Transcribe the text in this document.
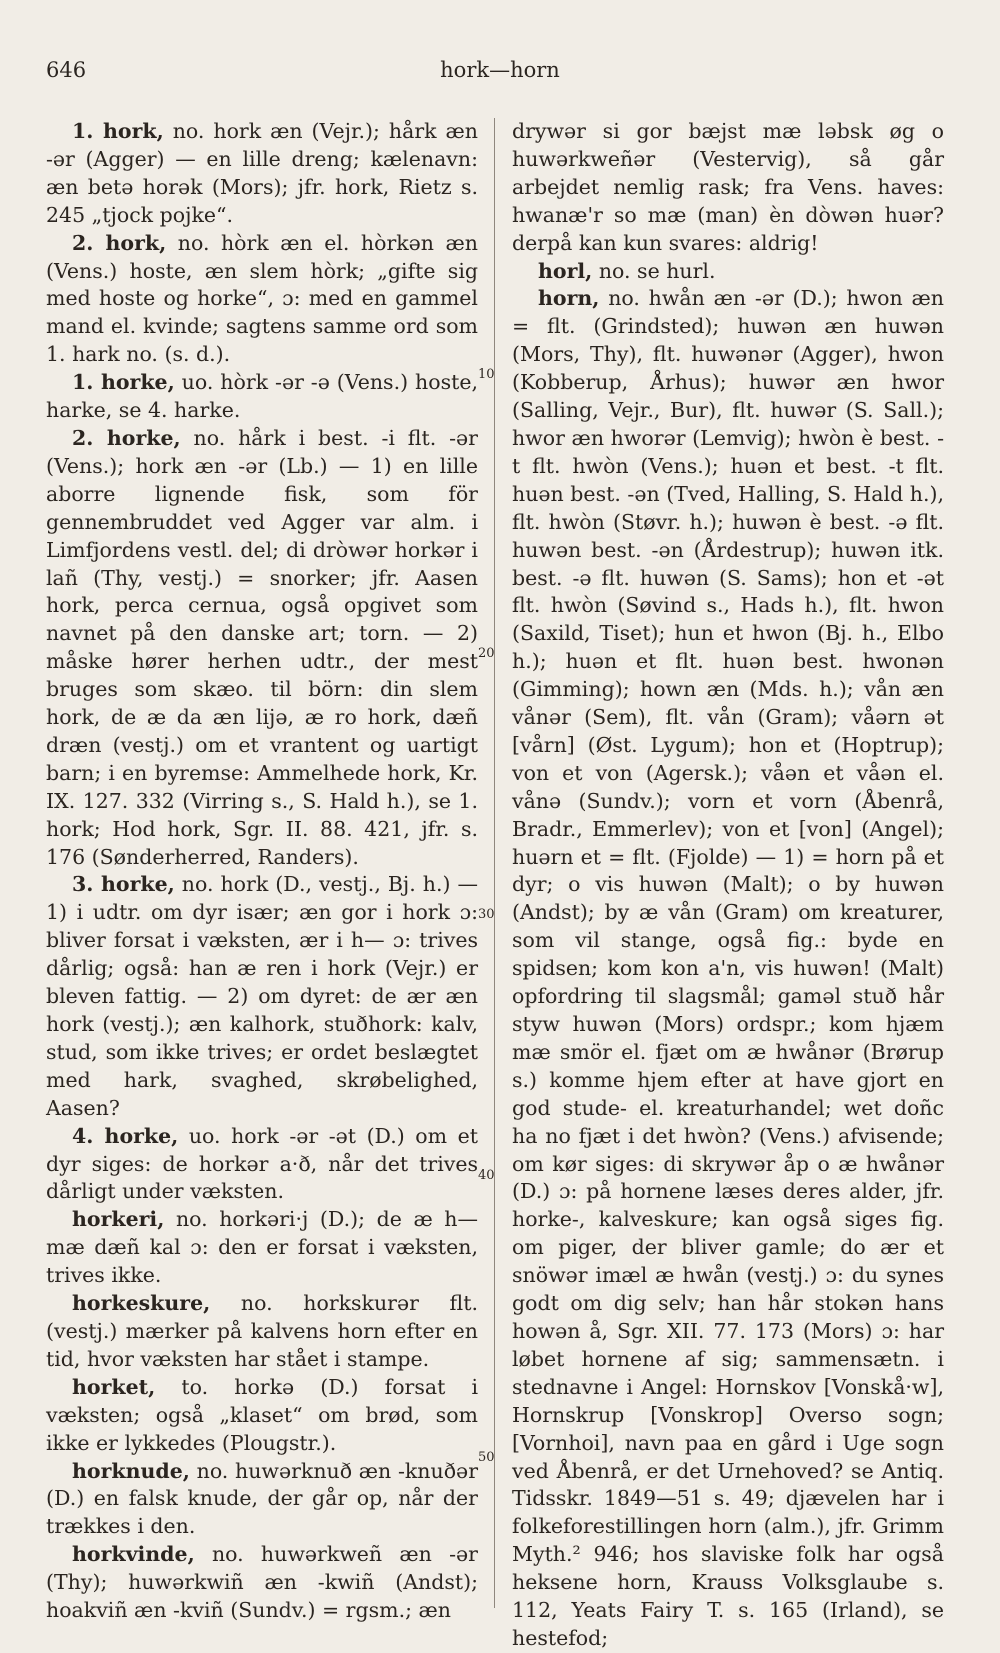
646	hork—horn

1. hork, no. hork æn (Vejr.); hårk æn -ər (Agger) — en lille dreng; kælenavn: æn betə horək (Mors); jfr. hork, Rietz s. 245 „tjock pojke“.

2. hork, no. hòrk æn el. hòrkən æn (Vens.) hoste, æn slem hòrk; „gifte sig med hoste og horke“, ɔ: med en gammel mand el. kvinde; sagtens samme ord som 1. hark no. (s. d.).

1. horke, uo. hòrk -ər -ə (Vens.) hoste, harke, se 4. harke.

2. horke, no. hårk i best. -i flt. -ər (Vens.); hork æn -ər (Lb.) — 1) en lille aborre lignende fisk, som för gennembruddet ved Agger var alm. i Limfjordens vestl. del; di dròwər horkər i lañ (Thy, vestj.) = snorker; jfr. Aasen hork, perca cernua, også opgivet som navnet på den danske art; torn. — 2) måske hører herhen udtr., der mest bruges som skæo. til börn: din slem hork, de æ da æn lijə, æ ro hork, dæñ dræn (vestj.) om et vrantent og uartigt barn; i en byremse: Ammelhede hork, Kr. IX. 127. 332 (Virring s., S. Hald h.), se 1. hork; Hod hork, Sgr. II. 88. 421, jfr. s. 176 (Sønderherred, Randers).

3. horke, no. hork (D., vestj., Bj. h.) — 1) i udtr. om dyr især; æn gor i hork ɔ: bliver forsat i væksten, ær i h— ɔ: trives dårlig; også: han æ ren i hork (Vejr.) er bleven fattig. — 2) om dyret: de ær æn hork (vestj.); æn kalhork, stuðhork: kalv, stud, som ikke trives; er ordet beslægtet med hark, svaghed, skrøbelighed, Aasen?

4. horke, uo. hork -ər -ət (D.) om et dyr siges: de horkər a·ð, når det trives dårligt under væksten.

horkeri, no. horkəri·j (D.); de æ h— mæ dæñ kal ɔ: den er forsat i væksten, trives ikke.

horkeskure, no. horkskurər flt. (vestj.) mærker på kalvens horn efter en tid, hvor væksten har stået i stampe.

horket, to. horkə (D.) forsat i væksten; også „klaset“ om brød, som ikke er lykkedes (Plougstr.).

horknude, no. huwərknuð æn -knuðər (D.) en falsk knude, der går op, når der trækkes i den.

horkvinde, no. huwərkweñ æn -ər (Thy); huwərkwiñ æn -kwiñ (Andst); hoakviñ æn -kviñ (Sundv.) = rgsm.; æn

10
20
30
40
50

drywər si gor bæjst mæ ləbsk øg o huwərkweñər (Vestervig), så går arbejdet nemlig rask; fra Vens. haves: hwanæ'r so mæ (man) èn dòwən huər? derpå kan kun svares: aldrig!

horl, no. se hurl.

horn, no. hwån æn -ər (D.); hwon æn = flt. (Grindsted); huwən æn huwən (Mors, Thy), flt. huwənər (Agger), hwon (Kobberup, Århus); huwər æn hwor (Salling, Vejr., Bur), flt. huwər (S. Sall.); hwor æn hworər (Lemvig); hwòn è best. -t flt. hwòn (Vens.); huən et best. -t flt. huən best. -ən (Tved, Halling, S. Hald h.), flt. hwòn (Støvr. h.); huwən è best. -ə flt. huwən best. -ən (Årdestrup); huwən itk. best. -ə flt. huwən (S. Sams); hon et -ət flt. hwòn (Søvind s., Hads h.), flt. hwon (Saxild, Tiset); hun et hwon (Bj. h., Elbo h.); huən et flt. huən best. hwonən (Gimming); hown æn (Mds. h.); vån æn vånər (Sem), flt. vån (Gram); våərn ət [vårn] (Øst. Lygum); hon et (Hoptrup); von et von (Agersk.); våən et våən el. vånə (Sundv.); vorn et vorn (Åbenrå, Bradr., Emmerlev); von et [von] (Angel); huərn et = flt. (Fjolde) — 1) = horn på et dyr; o vis huwən (Malt); o by huwən (Andst); by æ vån (Gram) om kreaturer, som vil stange, også fig.: byde en spidsen; kom kon a'n, vis huwən! (Malt) opfordring til slagsmål; gaməl stuð hår styw huwən (Mors) ordspr.; kom hjæm mæ smör el. fjæt om æ hwånər (Brørup s.) komme hjem efter at have gjort en god stude- el. kreaturhandel; wet doñc ha no fjæt i det hwòn? (Vens.) afvisende; om kør siges: di skrywər åp o æ hwånər (D.) ɔ: på hornene læses deres alder, jfr. horke-, kalveskure; kan også siges fig. om piger, der bliver gamle; do ær et snöwər imæl æ hwån (vestj.) ɔ: du synes godt om dig selv; han hår stokən hans howən å, Sgr. XII. 77. 173 (Mors) ɔ: har løbet hornene af sig; sammensætn. i stednavne i Angel: Hornskov [Vonskå·w], Hornskrup [Vonskrop] Overso sogn; [Vornhoi], navn paa en gård i Uge sogn ved Åbenrå, er det Urnehoved? se Antiq. Tidsskr. 1849—51 s. 49; djævelen har i folkeforestillingen horn (alm.), jfr. Grimm Myth.² 946; hos slaviske folk har også heksene horn, Krauss Volksglaube s. 112, Yeats Fairy T. s. 165 (Irland), se hestefod;
